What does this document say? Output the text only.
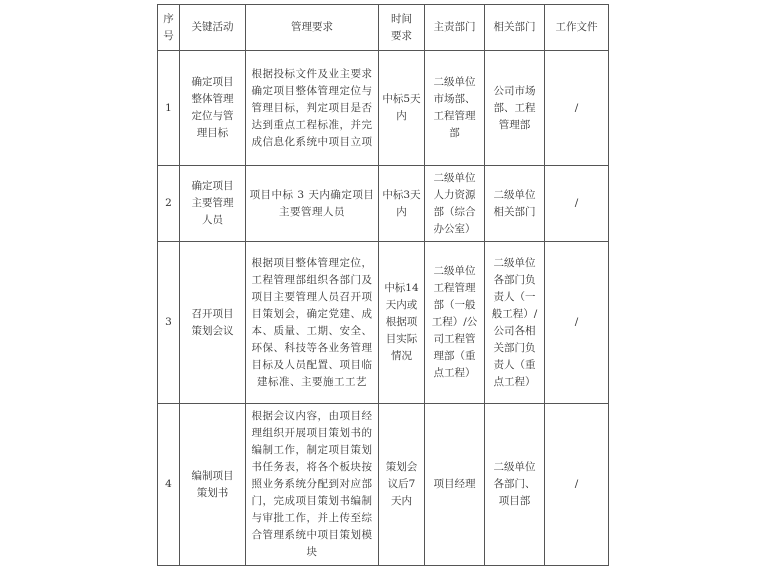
序号	关键活动	管理要求	时间要求	主责部门	相关部门	工作文件
1	确定项目整体管理定位与管理目标	根据投标文件及业主要求确定项目整体管理定位与管理目标，判定项目是否达到重点工程标准，并完成信息化系统中项目立项	中标5天内	二级单位市场部、工程管理部	公司市场部、工程管理部	/
2	确定项目主要管理人员	项目中标 3 天内确定项目主要管理人员	中标3天内	二级单位人力资源部（综合办公室）	二级单位相关部门	/
3	召开项目策划会议	根据项目整体管理定位，工程管理部组织各部门及项目主要管理人员召开项目策划会，确定党建、成本、质量、工期、安全、环保、科技等各业务管理目标及人员配置、项目临建标准、主要施工工艺	中标14天内或根据项目实际情况	二级单位工程管理部（一般工程）/公司工程管理部（重点工程）	二级单位各部门负责人（一般工程）/公司各相关部门负责人（重点工程）	/
4	编制项目策划书	根据会议内容，由项目经理组织开展项目策划书的编制工作，制定项目策划书任务表，将各个板块按照业务系统分配到对应部门，完成项目策划书编制与审批工作，并上传至综合管理系统中项目策划模块	策划会议后7天内	项目经理	二级单位各部门、项目部	/
